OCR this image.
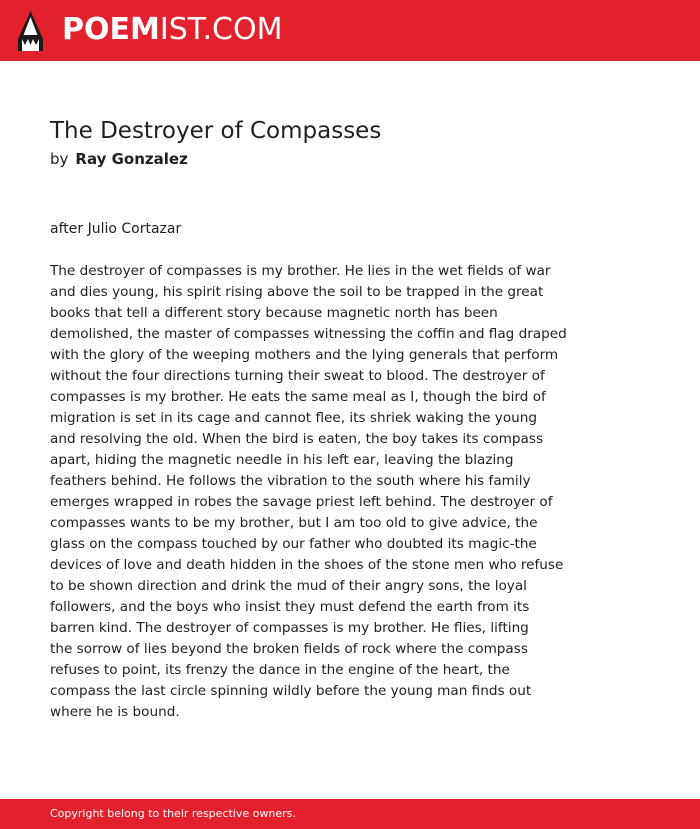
POEMIST.COM
The Destroyer of Compasses
by Ray Gonzalez
after Julio Cortazar
The destroyer of compasses is my brother. He lies in the wet fields of war
and dies young, his spirit rising above the soil to be trapped in the great
books that tell a different story because magnetic north has been
demolished, the master of compasses witnessing the coffin and flag draped
with the glory of the weeping mothers and the lying generals that perform
without the four directions turning their sweat to blood. The destroyer of
compasses is my brother. He eats the same meal as I, though the bird of
migration is set in its cage and cannot flee, its shriek waking the young
and resolving the old. When the bird is eaten, the boy takes its compass
apart, hiding the magnetic needle in his left ear, leaving the blazing
feathers behind. He follows the vibration to the south where his family
emerges wrapped in robes the savage priest left behind. The destroyer of
compasses wants to be my brother, but I am too old to give advice, the
glass on the compass touched by our father who doubted its magic-the
devices of love and death hidden in the shoes of the stone men who refuse
to be shown direction and drink the mud of their angry sons, the loyal
followers, and the boys who insist they must defend the earth from its
barren kind. The destroyer of compasses is my brother. He flies, lifting
the sorrow of lies beyond the broken fields of rock where the compass
refuses to point, its frenzy the dance in the engine of the heart, the
compass the last circle spinning wildly before the young man finds out
where he is bound.
Copyright belong to their respective owners.
